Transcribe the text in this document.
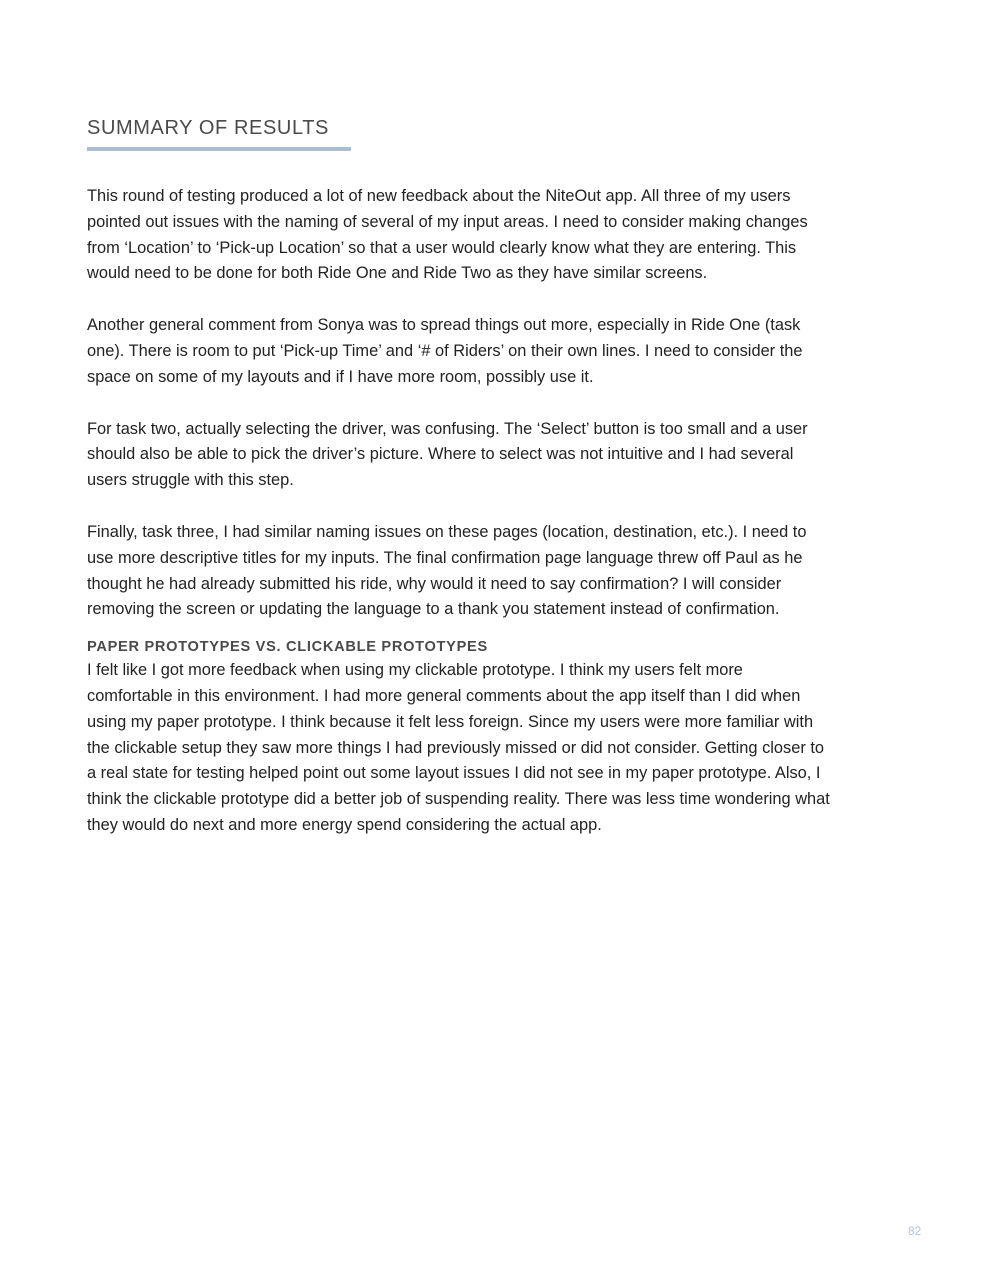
SUMMARY OF RESULTS

This round of testing produced a lot of new feedback about the NiteOut app. All three of my users pointed out issues with the naming of several of my input areas. I need to consider making changes from ‘Location’ to ‘Pick-up Location’ so that a user would clearly know what they are entering. This would need to be done for both Ride One and Ride Two as they have similar screens.

Another general comment from Sonya was to spread things out more, especially in Ride One (task one). There is room to put ‘Pick-up Time’ and ‘# of Riders’ on their own lines. I need to consider the space on some of my layouts and if I have more room, possibly use it.

For task two, actually selecting the driver, was confusing. The ‘Select’ button is too small and a user should also be able to pick the driver’s picture. Where to select was not intuitive and I had several users struggle with this step.

Finally, task three, I had similar naming issues on these pages (location, destination, etc.). I need to use more descriptive titles for my inputs. The final confirmation page language threw off Paul as he thought he had already submitted his ride, why would it need to say confirmation? I will consider removing the screen or updating the language to a thank you statement instead of confirmation.

PAPER PROTOTYPES VS. CLICKABLE PROTOTYPES

I felt like I got more feedback when using my clickable prototype. I think my users felt more comfortable in this environment. I had more general comments about the app itself than I did when using my paper prototype. I think because it felt less foreign. Since my users were more familiar with the clickable setup they saw more things I had previously missed or did not consider. Getting closer to a real state for testing helped point out some layout issues I did not see in my paper prototype. Also, I think the clickable prototype did a better job of suspending reality. There was less time wondering what they would do next and more energy spend considering the actual app.

82
